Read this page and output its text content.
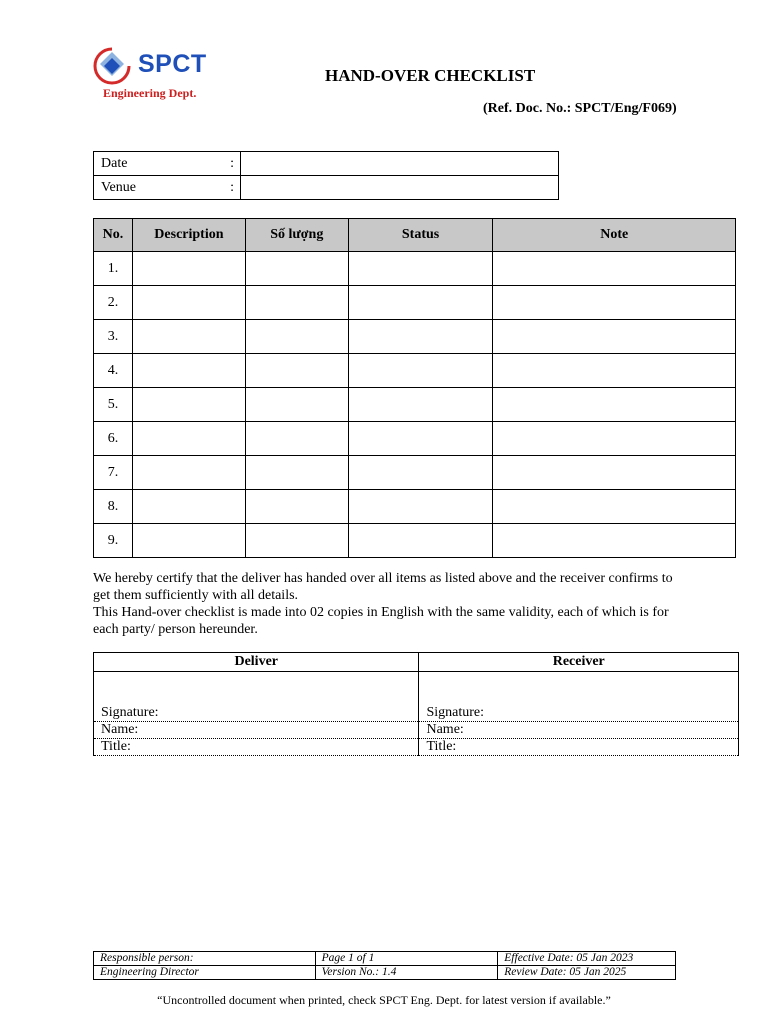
SPCT
Engineering Dept.
HAND-OVER CHECKLIST
(Ref. Doc. No.: SPCT/Eng/F069)
Date :	

Venue :	

No.	Description	Số lượng	Status	Note
1.				
2.				
3.				
4.				
5.				
6.				
7.				
8.				
9.				
We hereby certify that the deliver has handed over all items as listed above and the receiver confirms to get them sufficiently with all details.
This Hand-over checklist is made into 02 copies in English with the same validity, each of which is for each party/ person hereunder.
Deliver	Receiver
Signature:	Signature:
Name:	Name:
Title:	Title:
Responsible person:	Page 1 of 1	Effective Date: 05 Jan 2023
Engineering Director	Version No.: 1.4	Review Date: 05 Jan 2025
“Uncontrolled document when printed, check SPCT Eng. Dept. for latest version if available.”
